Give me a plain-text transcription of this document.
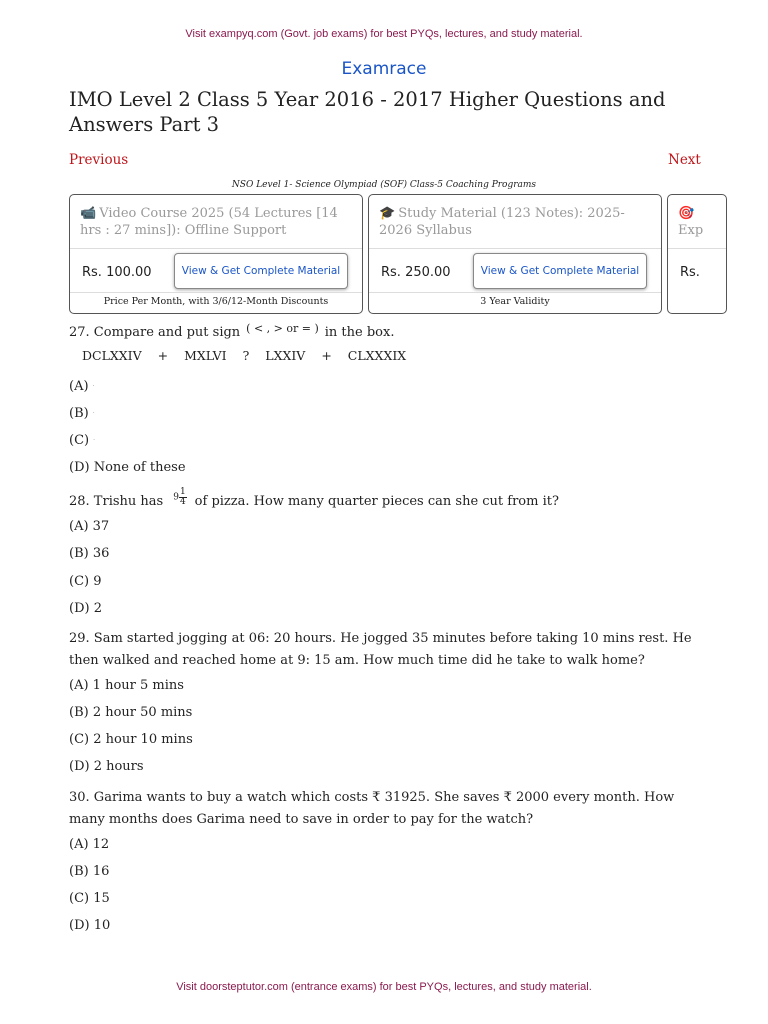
Visit exampyq.com (Govt. job exams) for best PYQs, lectures, and study material.
Examrace
IMO Level 2 Class 5 Year 2016 - 2017 Higher Questions and Answers Part 3
Previous	Next
NSO Level 1- Science Olympiad (SOF) Class-5 Coaching Programs
📹 Video Course 2025 (54 Lectures [14 hrs : 27 mins]): Offline Support
Rs. 100.00	View & Get Complete Material
Price Per Month, with 3/6/12-Month Discounts
🎓 Study Material (123 Notes): 2025-2026 Syllabus
Rs. 250.00	View & Get Complete Material
3 Year Validity
🎯
Exp
Rs.
27. Compare and put sign $^{( < , > or = )}$ in the box.
DCLXXIV + MXLVI ? LXXIV + CLXXXIX
(A) ·
(B) ·
(C) ·
(D) None of these
28. Trishu has $9 \frac{1}{4}$ of pizza. How many quarter pieces can she cut from it?
(A) 37
(B) 36
(C) 9
(D) 2
29. Sam started jogging at 06: 20 hours. He jogged 35 minutes before taking 10 mins rest. He then walked and reached home at 9: 15 am. How much time did he take to walk home?
(A) 1 hour 5 mins
(B) 2 hour 50 mins
(C) 2 hour 10 mins
(D) 2 hours
30. Garima wants to buy a watch which costs ₹ 31925. She saves ₹ 2000 every month. How many months does Garima need to save in order to pay for the watch?
(A) 12
(B) 16
(C) 15
(D) 10
Visit doorsteptutor.com (entrance exams) for best PYQs, lectures, and study material.
